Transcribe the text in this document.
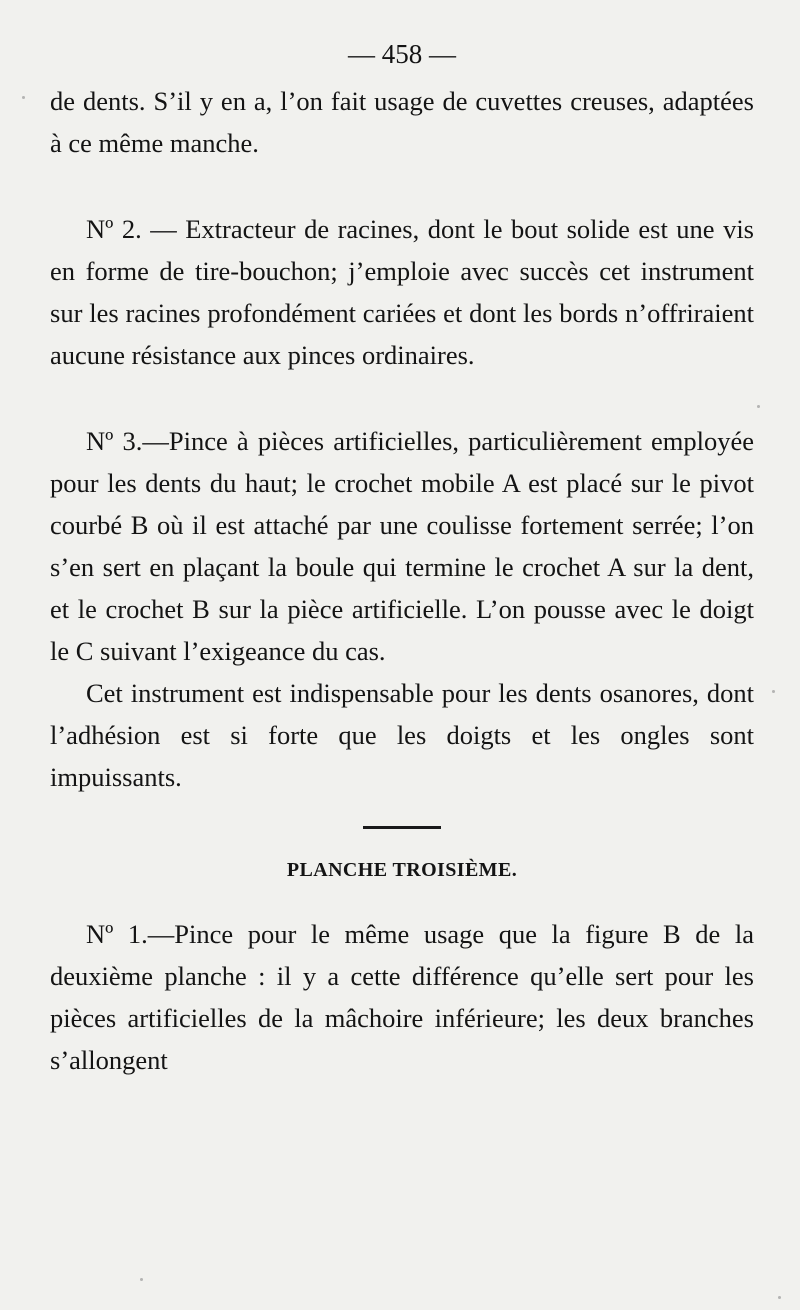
— 458 —

de dents. S’il y en a, l’on fait usage de cuvettes creuses, adaptées à ce même manche.

Nº 2. — Extracteur de racines, dont le bout solide est une vis en forme de tire-bouchon; j’emploie avec succès cet instrument sur les racines profondément cariées et dont les bords n’offriraient aucune résistance aux pinces ordinaires.

Nº 3.—Pince à pièces artificielles, particulièrement employée pour les dents du haut; le crochet mobile A est placé sur le pivot courbé B où il est attaché par une coulisse fortement serrée; l’on s’en sert en plaçant la boule qui termine le crochet A sur la dent, et le crochet B sur la pièce artificielle. L’on pousse avec le doigt le C suivant l’exigeance du cas.

Cet instrument est indispensable pour les dents osanores, dont l’adhésion est si forte que les doigts et les ongles sont impuissants.

PLANCHE TROISIÈME.

Nº 1.—Pince pour le même usage que la figure B de la deuxième planche : il y a cette différence qu’elle sert pour les pièces artificielles de la mâchoire inférieure; les deux branches s’allongent
